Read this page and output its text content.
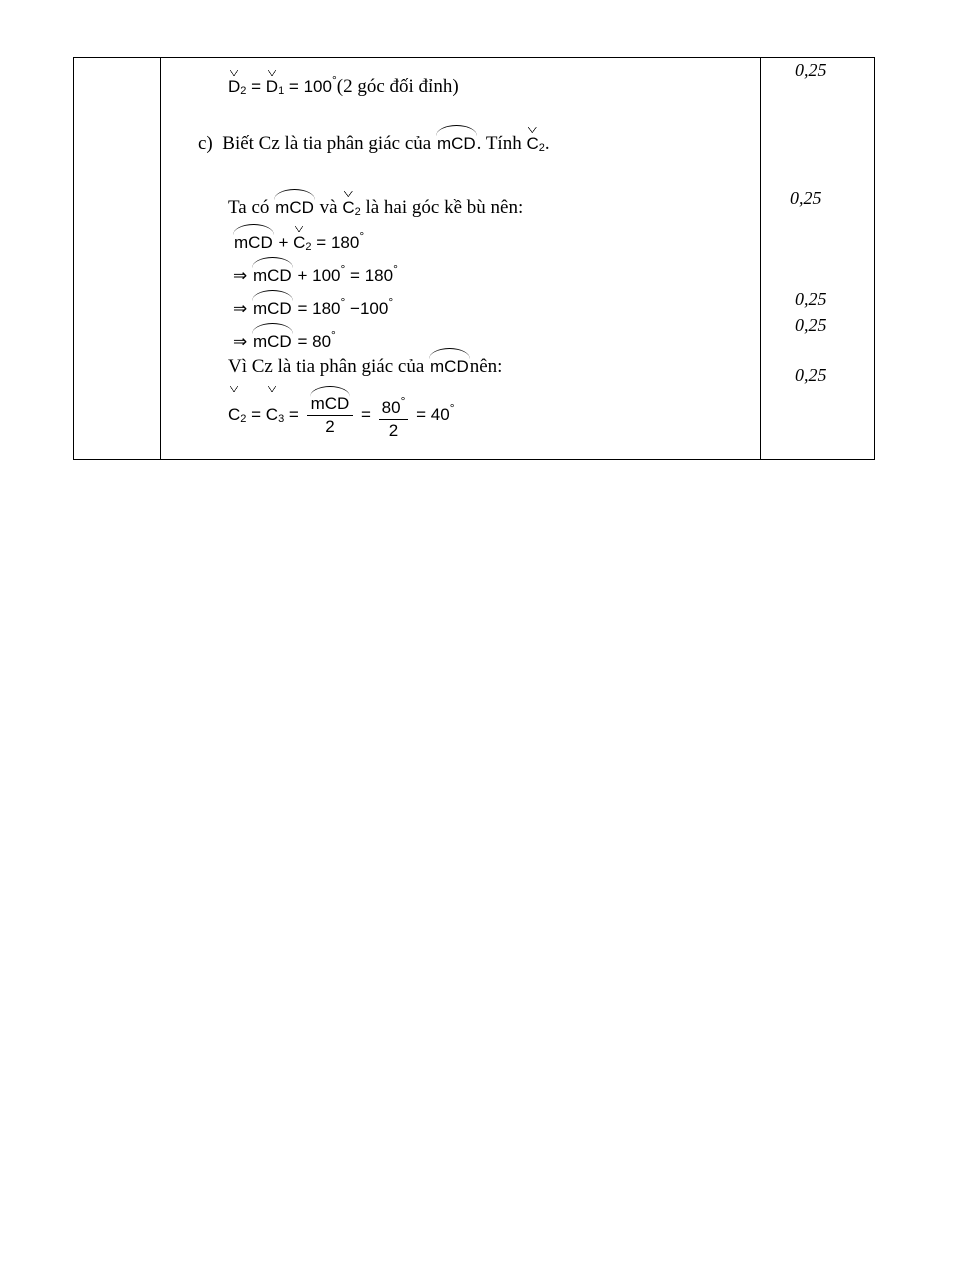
D2 = D1 = 100°(2 góc đối đỉnh)
c) Biết Cz là tia phân giác của mCD. Tính C2.
Ta có mCD và C2 là hai góc kề bù nên:
mCD + C2 = 180°
⇒ mCD + 100° = 180°
⇒ mCD = 180° −100°
⇒ mCD = 80°
Vì Cz là tia phân giác của mCDnên:
$C2 = C3 = \frac{\text{mCD}}{2} = \frac{80^\circ}{2} = 40^\circ$
0,25
0,25
0,25
0,25
0,25
